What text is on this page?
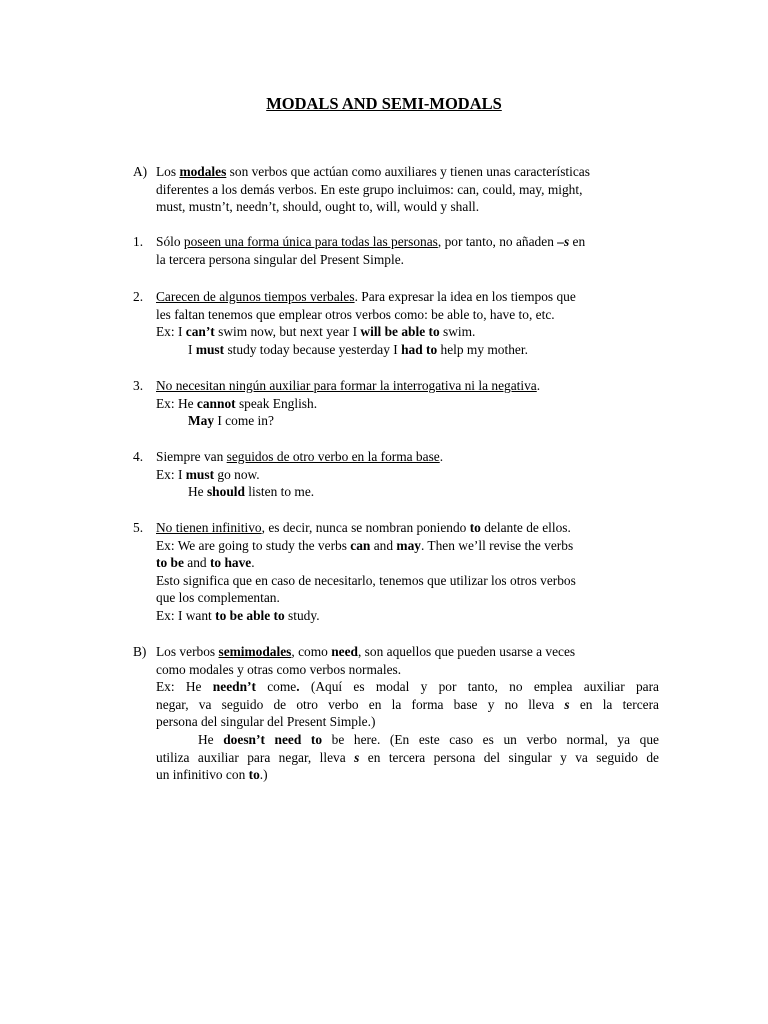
MODALS AND SEMI-MODALS
A) Los modales son verbos que actúan como auxiliares y tienen unas características
diferentes a los demás verbos. En este grupo incluimos: can, could, may, might,
must, mustn’t, needn’t, should, ought to, will, would y shall.
1. Sólo poseen una forma única para todas las personas, por tanto, no añaden –s en
la tercera persona singular del Present Simple.
2. Carecen de algunos tiempos verbales. Para expresar la idea en los tiempos que
les faltan tenemos que emplear otros verbos como: be able to, have to, etc.
Ex: I can’t swim now, but next year I will be able to swim.
I must study today because yesterday I had to help my mother.
3. No necesitan ningún auxiliar para formar la interrogativa ni la negativa.
Ex: He cannot speak English.
May I come in?
4. Siempre van seguidos de otro verbo en la forma base.
Ex: I must go now.
He should listen to me.
5. No tienen infinitivo, es decir, nunca se nombran poniendo to delante de ellos.
Ex: We are going to study the verbs can and may. Then we’ll revise the verbs
to be and to have.
Esto significa que en caso de necesitarlo, tenemos que utilizar los otros verbos
que los complementan.
Ex: I want to be able to study.
B) Los verbos semimodales, como need, son aquellos que pueden usarse a veces
como modales y otras como verbos normales.
Ex: He needn’t come. (Aquí es modal y por tanto, no emplea auxiliar para
negar, va seguido de otro verbo en la forma base y no lleva s en la tercera
persona del singular del Present Simple.)
He doesn’t need to be here. (En este caso es un verbo normal, ya que
utiliza auxiliar para negar, lleva s en tercera persona del singular y va seguido de
un infinitivo con to.)
